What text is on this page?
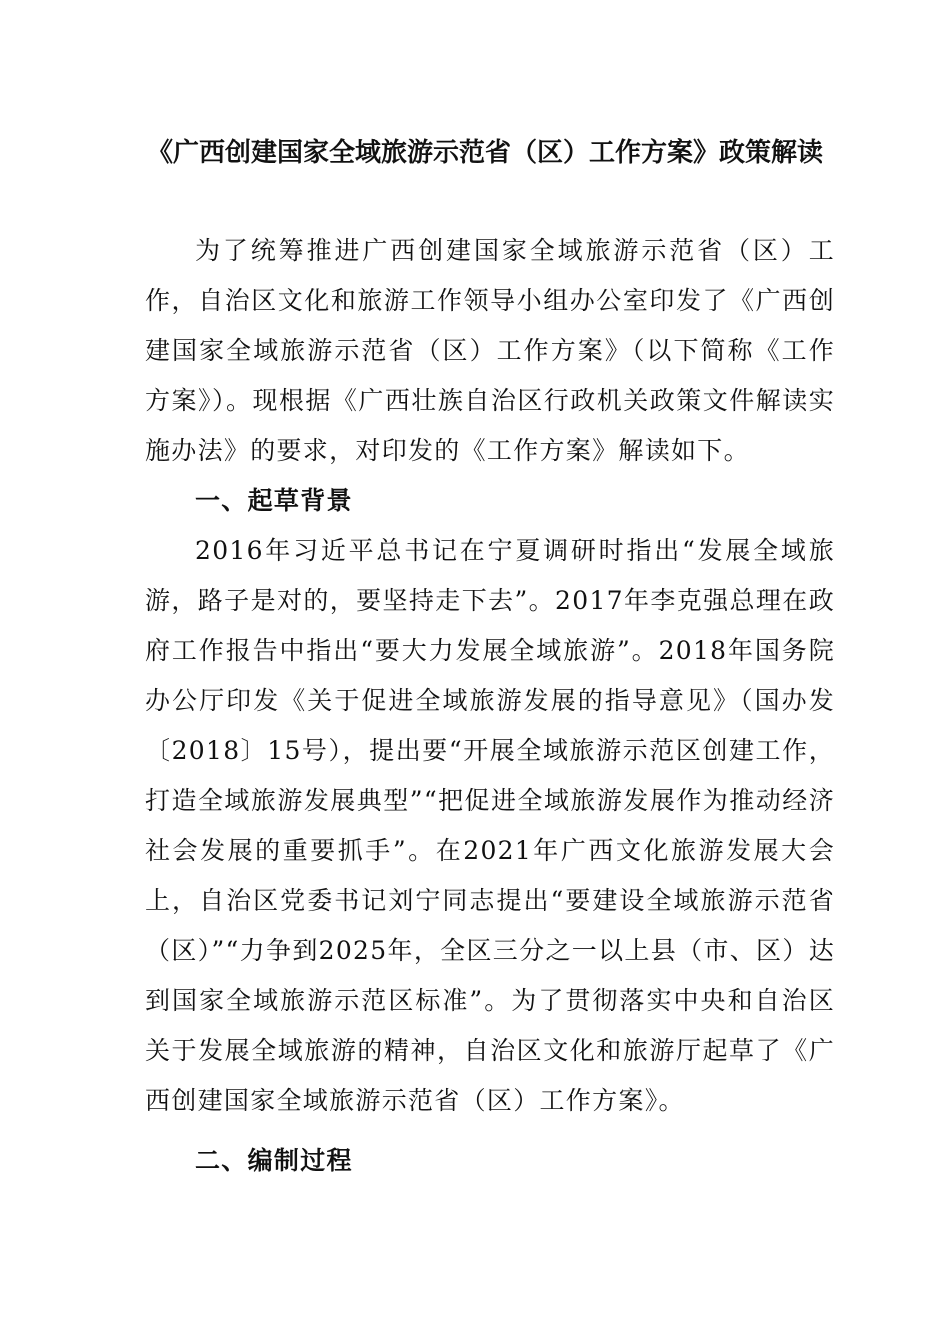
《广西创建国家全域旅游示范省（区）工作方案》政策解读

为了统筹推进广西创建国家全域旅游示范省（区）工作，自治区文化和旅游工作领导小组办公室印发了《广西创建国家全域旅游示范省（区）工作方案》（以下简称《工作方案》）。现根据《广西壮族自治区行政机关政策文件解读实施办法》的要求，对印发的《工作方案》解读如下。

一、起草背景

2016年习近平总书记在宁夏调研时指出“发展全域旅游，路子是对的，要坚持走下去”。2017年李克强总理在政府工作报告中指出“要大力发展全域旅游”。2018年国务院办公厅印发《关于促进全域旅游发展的指导意见》（国办发〔2018〕15号），提出要“开展全域旅游示范区创建工作，打造全域旅游发展典型”“把促进全域旅游发展作为推动经济社会发展的重要抓手”。在2021年广西文化旅游发展大会上，自治区党委书记刘宁同志提出“要建设全域旅游示范省（区）”“力争到2025年，全区三分之一以上县（市、区）达到国家全域旅游示范区标准”。为了贯彻落实中央和自治区关于发展全域旅游的精神，自治区文化和旅游厅起草了《广西创建国家全域旅游示范省（区）工作方案》。

二、编制过程
